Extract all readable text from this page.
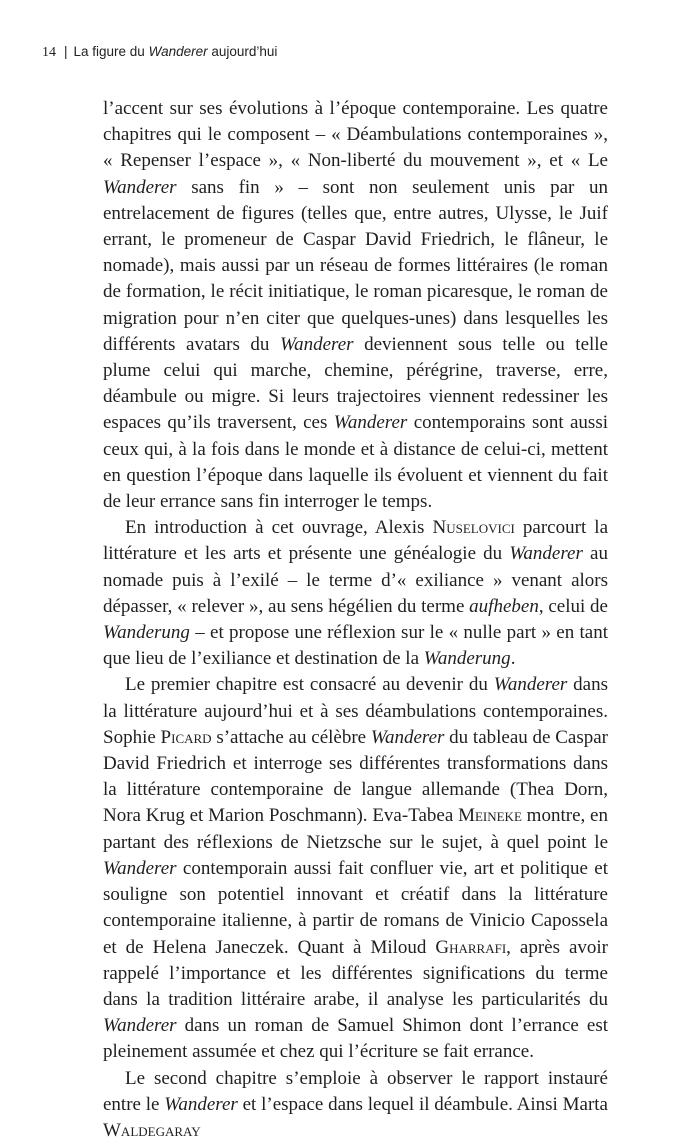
14 | La figure du Wanderer aujourd’hui

l’accent sur ses évolutions à l’époque contemporaine. Les quatre chapitres qui le composent – « Déambulations contemporaines », « Repenser l’espace », « Non-liberté du mouvement », et « Le Wanderer sans fin » – sont non seulement unis par un entrelacement de figures (telles que, entre autres, Ulysse, le Juif errant, le promeneur de Caspar David Friedrich, le flâneur, le nomade), mais aussi par un réseau de formes littéraires (le roman de formation, le récit initiatique, le roman picaresque, le roman de migration pour n’en citer que quelques-unes) dans lesquelles les différents avatars du Wanderer deviennent sous telle ou telle plume celui qui marche, chemine, pérégrine, traverse, erre, déambule ou migre. Si leurs trajectoires viennent redessiner les espaces qu’ils traversent, ces Wanderer contemporains sont aussi ceux qui, à la fois dans le monde et à distance de celui-ci, mettent en question l’époque dans laquelle ils évoluent et viennent du fait de leur errance sans fin interroger le temps.

En introduction à cet ouvrage, Alexis Nuselovici parcourt la littérature et les arts et présente une généalogie du Wanderer au nomade puis à l’exilé – le terme d’« exiliance » venant alors dépasser, « relever », au sens hégélien du terme aufheben, celui de Wanderung – et propose une réflexion sur le « nulle part » en tant que lieu de l’exiliance et destination de la Wanderung.

Le premier chapitre est consacré au devenir du Wanderer dans la littérature aujourd’hui et à ses déambulations contemporaines. Sophie Picard s’attache au célèbre Wanderer du tableau de Caspar David Friedrich et interroge ses différentes transformations dans la littérature contemporaine de langue allemande (Thea Dorn, Nora Krug et Marion Poschmann). Eva-Tabea Meineke montre, en partant des réflexions de Nietzsche sur le sujet, à quel point le Wanderer contemporain aussi fait confluer vie, art et politique et souligne son potentiel innovant et créatif dans la littérature contemporaine italienne, à partir de romans de Vinicio Capossela et de Helena Janeczek. Quant à Miloud Gharrafi, après avoir rappelé l’importance et les différentes significations du terme dans la tradition littéraire arabe, il analyse les particularités du Wanderer dans un roman de Samuel Shimon dont l’errance est pleinement assumée et chez qui l’écriture se fait errance.

Le second chapitre s’emploie à observer le rapport instauré entre le Wanderer et l’espace dans lequel il déambule. Ainsi Marta Waldegaray
